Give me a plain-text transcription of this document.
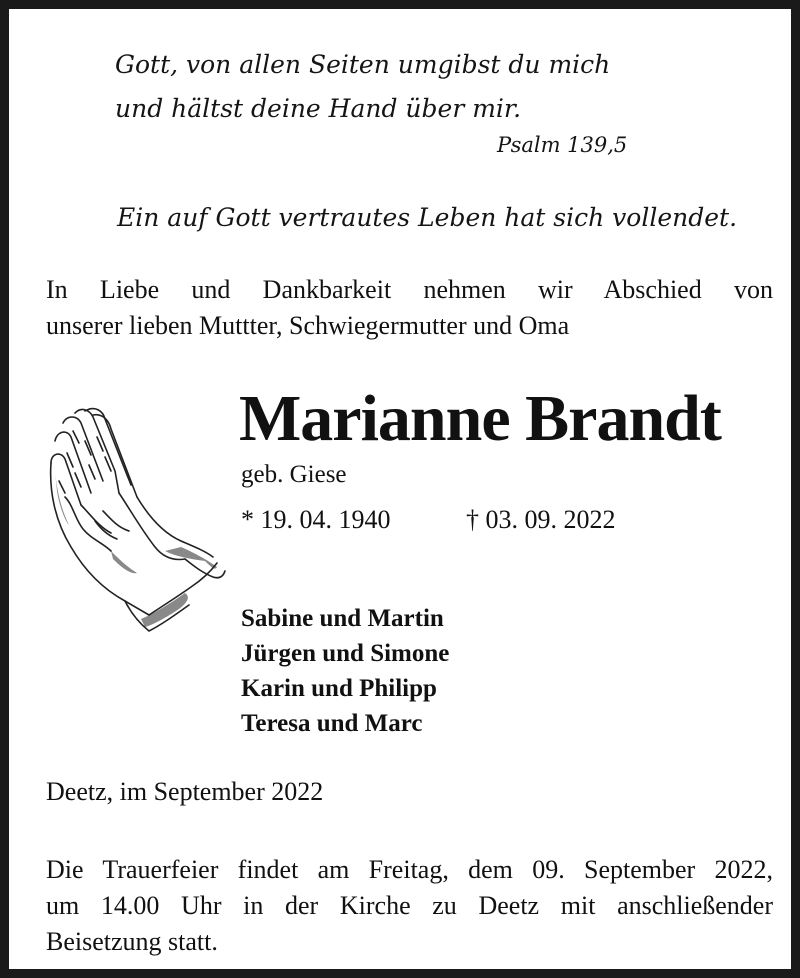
Gott, von allen Seiten umgibst du mich
und hältst deine Hand über mir.
Psalm 139,5
Ein auf Gott vertrautes Leben hat sich vollendet.
In Liebe und Dankbarkeit nehmen wir Abschied von
unserer lieben Muttter, Schwiegermutter und Oma
Marianne Brandt
geb. Giese
* 19. 04. 1940	† 03. 09. 2022
Sabine und Martin
Jürgen und Simone
Karin und Philipp
Teresa und Marc
Deetz, im September 2022
Die Trauerfeier findet am Freitag, dem 09. September 2022,
um 14.00 Uhr in der Kirche zu Deetz mit anschließender
Beisetzung statt.
